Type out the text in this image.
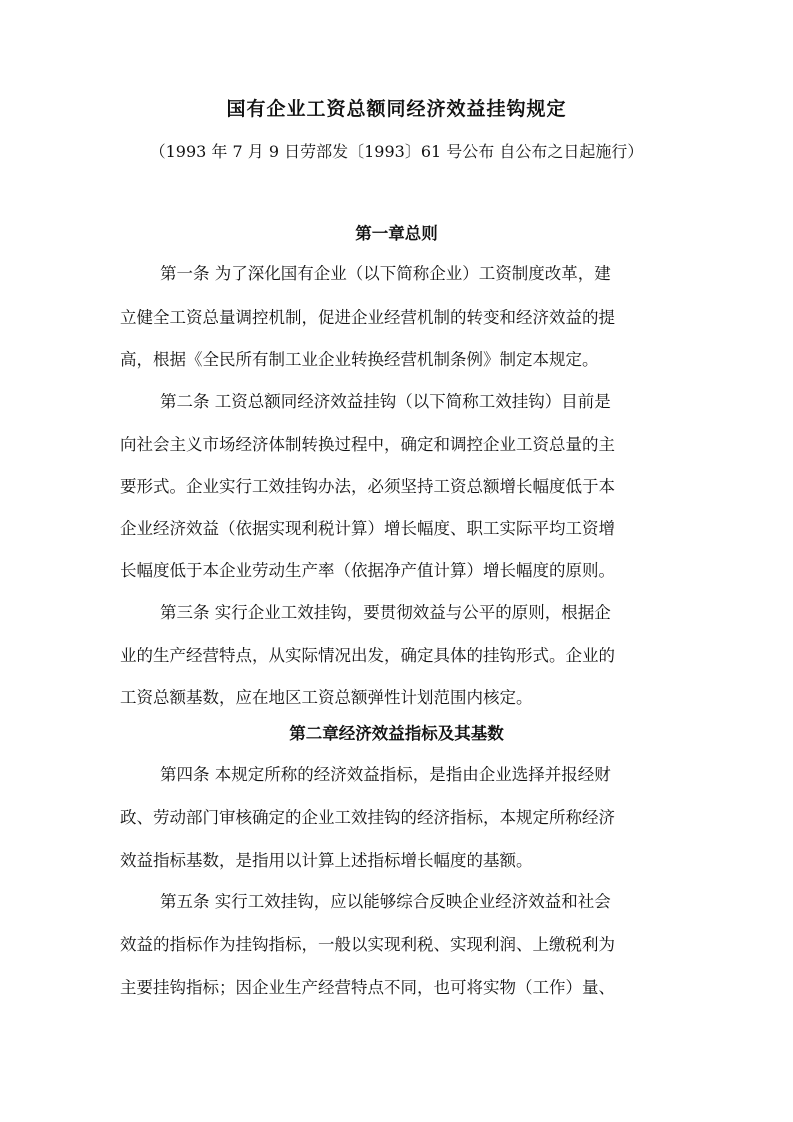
国有企业工资总额同经济效益挂钩规定

（1993 年 7 月 9 日劳部发〔1993〕61 号公布 自公布之日起施行）

第一章总则

第一条 为了深化国有企业（以下简称企业）工资制度改革，建

立健全工资总量调控机制，促进企业经营机制的转变和经济效益的提

高，根据《全民所有制工业企业转换经营机制条例》制定本规定。

第二条 工资总额同经济效益挂钩（以下简称工效挂钩）目前是

向社会主义市场经济体制转换过程中，确定和调控企业工资总量的主

要形式。企业实行工效挂钩办法，必须坚持工资总额增长幅度低于本

企业经济效益（依据实现利税计算）增长幅度、职工实际平均工资增

长幅度低于本企业劳动生产率（依据净产值计算）增长幅度的原则。

第三条 实行企业工效挂钩，要贯彻效益与公平的原则，根据企

业的生产经营特点，从实际情况出发，确定具体的挂钩形式。企业的

工资总额基数，应在地区工资总额弹性计划范围内核定。

第二章经济效益指标及其基数

第四条 本规定所称的经济效益指标，是指由企业选择并报经财

政、劳动部门审核确定的企业工效挂钩的经济指标，本规定所称经济

效益指标基数，是指用以计算上述指标增长幅度的基额。

第五条 实行工效挂钩，应以能够综合反映企业经济效益和社会

效益的指标作为挂钩指标，一般以实现利税、实现利润、上缴税利为

主要挂钩指标；因企业生产经营特点不同，也可将实物（工作）量、
